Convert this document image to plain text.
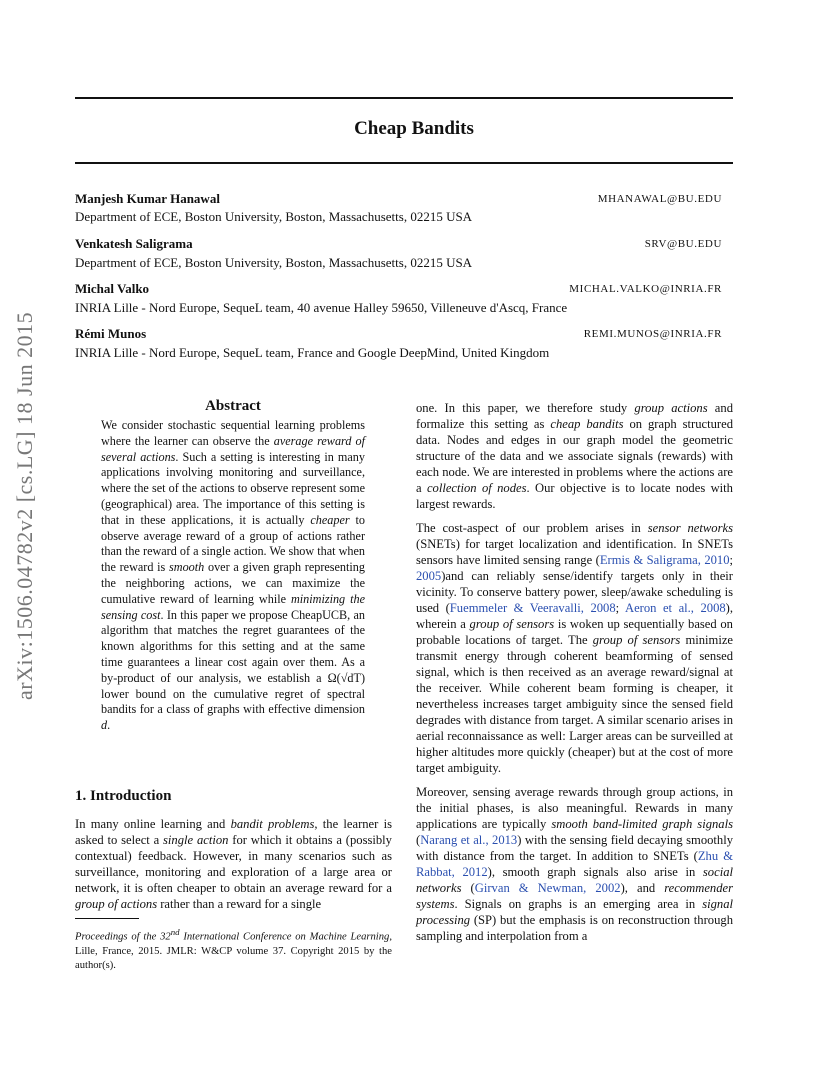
arXiv:1506.04782v2 [cs.LG] 18 Jun 2015
Cheap Bandits
Manjesh Kumar Hanawal	MHANAWAL@BU.EDU
Department of ECE, Boston University, Boston, Massachusetts, 02215 USA
Venkatesh Saligrama	SRV@BU.EDU
Department of ECE, Boston University, Boston, Massachusetts, 02215 USA
Michal Valko	MICHAL.VALKO@INRIA.FR
INRIA Lille - Nord Europe, SequeL team, 40 avenue Halley 59650, Villeneuve d'Ascq, France
Rémi Munos	REMI.MUNOS@INRIA.FR
INRIA Lille - Nord Europe, SequeL team, France and Google DeepMind, United Kingdom
Abstract
We consider stochastic sequential learning problems where the learner can observe the average reward of several actions. Such a setting is interesting in many applications involving monitoring and surveillance, where the set of the actions to observe represent some (geographical) area. The importance of this setting is that in these applications, it is actually cheaper to observe average reward of a group of actions rather than the reward of a single action. We show that when the reward is smooth over a given graph representing the neighboring actions, we can maximize the cumulative reward of learning while minimizing the sensing cost. In this paper we propose CheapUCB, an algorithm that matches the regret guarantees of the known algorithms for this setting and at the same time guarantees a linear cost again over them. As a by-product of our analysis, we establish a Ω(√dT) lower bound on the cumulative regret of spectral bandits for a class of graphs with effective dimension d.
1. Introduction
In many online learning and bandit problems, the learner is asked to select a single action for which it obtains a (possibly contextual) feedback. However, in many scenarios such as surveillance, monitoring and exploration of a large area or network, it is often cheaper to obtain an average reward for a group of actions rather than a reward for a single
Proceedings of the 32nd International Conference on Machine Learning, Lille, France, 2015. JMLR: W&CP volume 37. Copyright 2015 by the author(s).

one. In this paper, we therefore study group actions and formalize this setting as cheap bandits on graph structured data. Nodes and edges in our graph model the geometric structure of the data and we associate signals (rewards) with each node. We are interested in problems where the actions are a collection of nodes. Our objective is to locate nodes with largest rewards.

The cost-aspect of our problem arises in sensor networks (SNETs) for target localization and identification. In SNETs sensors have limited sensing range (Ermis & Saligrama, 2010; 2005)and can reliably sense/identify targets only in their vicinity. To conserve battery power, sleep/awake scheduling is used (Fuemmeler & Veeravalli, 2008; Aeron et al., 2008), wherein a group of sensors is woken up sequentially based on probable locations of target. The group of sensors minimize transmit energy through coherent beamforming of sensed signal, which is then received as an average reward/signal at the receiver. While coherent beam forming is cheaper, it nevertheless increases target ambiguity since the sensed field degrades with distance from target. A similar scenario arises in aerial reconnaissance as well: Larger areas can be surveilled at higher altitudes more quickly (cheaper) but at the cost of more target ambiguity.

Moreover, sensing average rewards through group actions, in the initial phases, is also meaningful. Rewards in many applications are typically smooth band-limited graph signals (Narang et al., 2013) with the sensing field decaying smoothly with distance from the target. In addition to SNETs (Zhu & Rabbat, 2012), smooth graph signals also arise in social networks (Girvan & Newman, 2002), and recommender systems. Signals on graphs is an emerging area in signal processing (SP) but the emphasis is on reconstruction through sampling and interpolation from a
